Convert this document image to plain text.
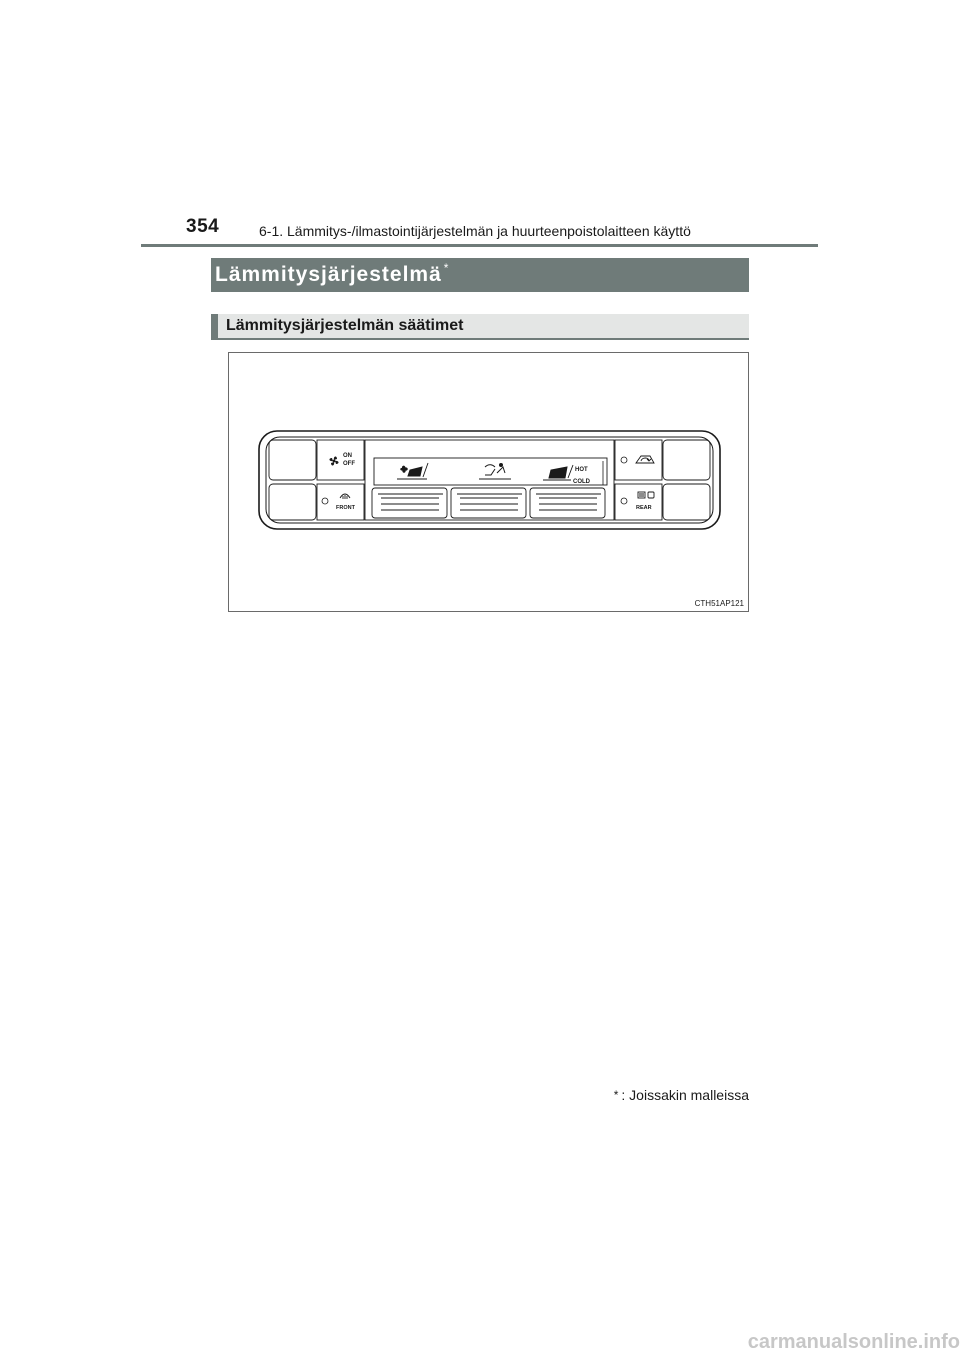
354	6-1. Lämmitys-/ilmastointijärjestelmän ja huurteenpoistolaitteen käyttö
Lämmitysjärjestelmä *
Lämmitysjärjestelmän säätimet
ON
OFF
FRONT	REAR
HOT
COLD
CTH51AP121
* : Joissakin malleissa
carmanualsonline.info
